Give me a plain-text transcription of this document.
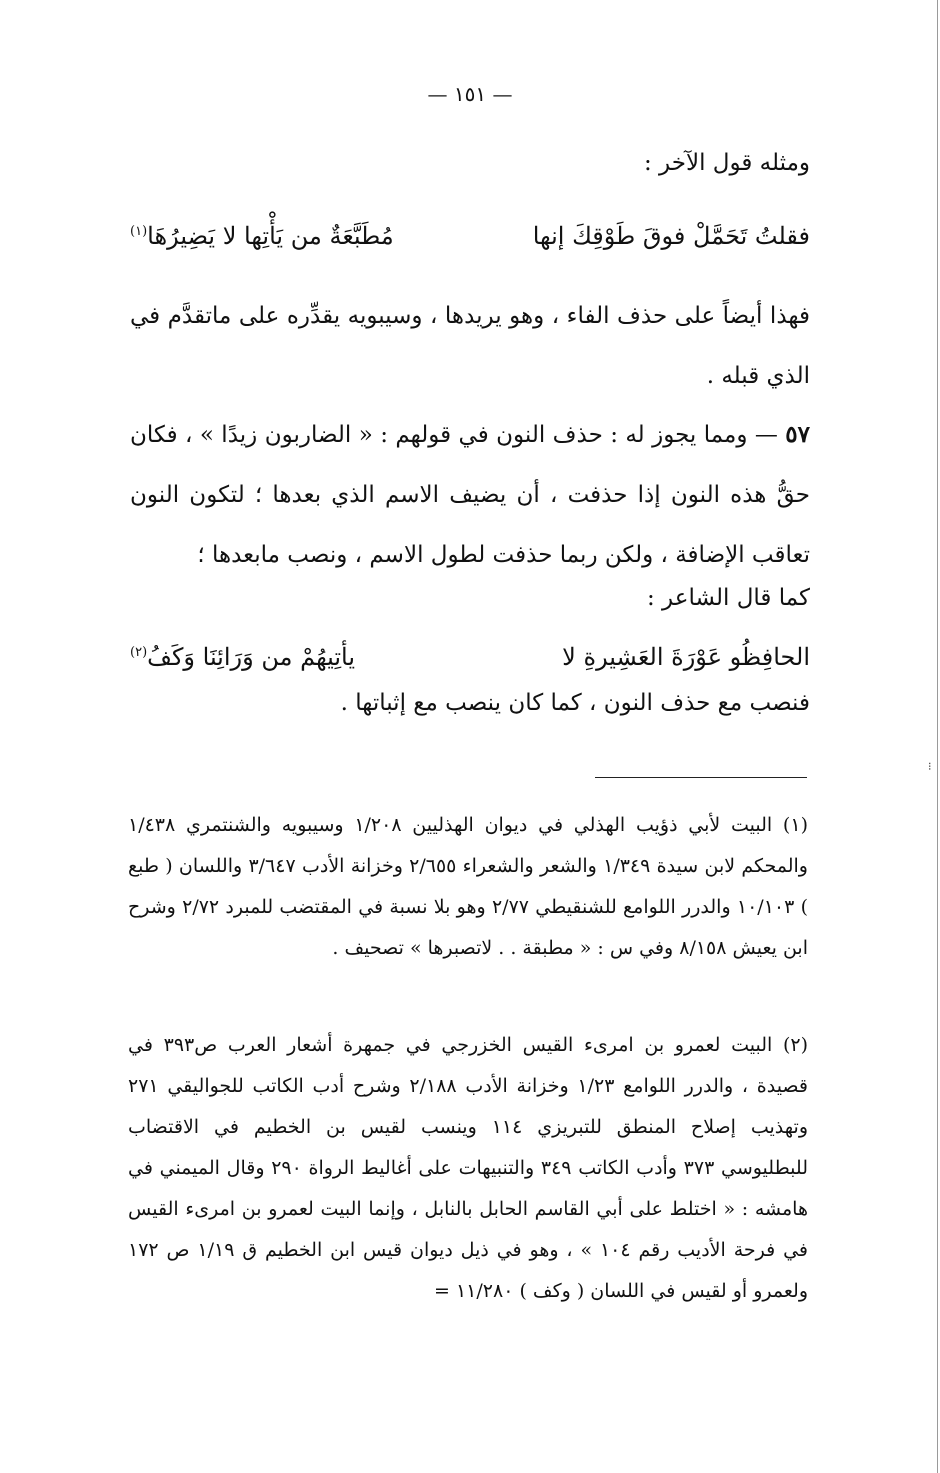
— ١٥١ —
ومثله قول الآخر :
فقلتُ تَحَمَّلْ فوقَ طَوْقِكَ إنها
مُطَبَّعَةٌ من يَأْتِها لا يَضِيرُهَا$^{(١)}$
فهذا أيضاً على حذف الفاء ، وهو يريدها ، وسيبويه يقدِّره على ماتقدَّم في الذي قبله .
٥٧ — ومما يجوز له : حذف النون في قولهم : « الضاربون زيدًا » ، فكان حقُّ هذه النون إذا حذفت ، أن يضيف الاسم الذي بعدها ؛ لتكون النون تعاقب الإضافة ، ولكن ربما حذفت لطول الاسم ، ونصب مابعدها ؛
كما قال الشاعر :
الحافِظُو عَوْرَةَ العَشِيرةِ لا
يأتِيهُمْ من وَرَائِنَا وَكَفُ$^{(٢)}$
فنصب مع حذف النون ، كما كان ينصب مع إثباتها .
(١) البيت لأبي ذؤيب الهذلي في ديوان الهذليين ١/٢٠٨ وسيبويه والشنتمري ١/٤٣٨ والمحكم لابن سيدة ١/٣٤٩ والشعر والشعراء ٢/٦٥٥ وخزانة الأدب ٣/٦٤٧ واللسان ( طبع ) ١٠/١٠٣ والدرر اللوامع للشنقيطي ٢/٧٧ وهو بلا نسبة في المقتضب للمبرد ٢/٧٢ وشرح ابن يعيش ٨/١٥٨ وفي س : « مطبقة . . لاتصبرها » تصحيف .
(٢) البيت لعمرو بن امرىء القيس الخزرجي في جمهرة أشعار العرب ص٣٩٣ في قصيدة ، والدرر اللوامع ١/٢٣ وخزانة الأدب ٢/١٨٨ وشرح أدب الكاتب للجواليقي ٢٧١ وتهذيب إصلاح المنطق للتبريزي ١١٤ وينسب لقيس بن الخطيم في الاقتضاب للبطليوسي ٣٧٣ وأدب الكاتب ٣٤٩ والتنبيهات على أغاليط الرواة ٢٩٠ وقال الميمني في هامشه : « اختلط على أبي القاسم الحابل بالنابل ، وإنما البيت لعمرو بن امرىء القيس في فرحة الأديب رقم ١٠٤ » ، وهو في ذيل ديوان قيس ابن الخطيم ق ١/١٩ ص ١٧٢ ولعمرو أو لقيس في اللسان ( وكف ) ١١/٢٨٠ =
⁝
